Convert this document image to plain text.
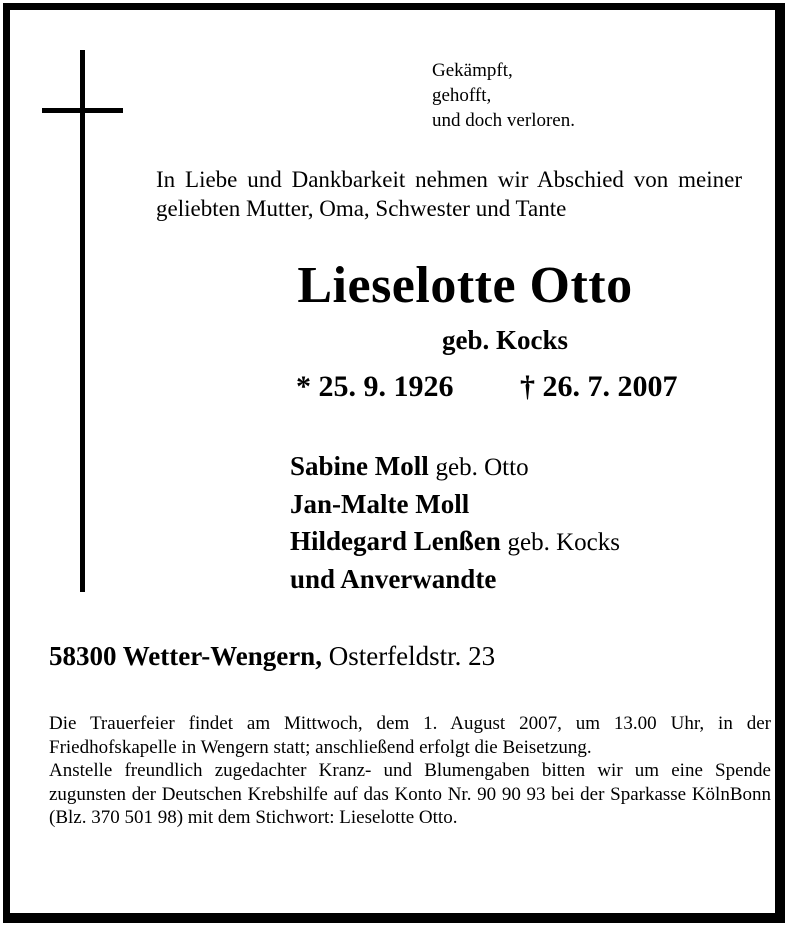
Gekämpft,
gehofft,
und doch verloren.
In Liebe und Dankbarkeit nehmen wir Abschied von meiner geliebten Mutter, Oma, Schwester und Tante
Lieselotte Otto
geb. Kocks
* 25. 9. 1926 † 26. 7. 2007
Sabine Moll geb. Otto
Jan-Malte Moll
Hildegard Lenßen geb. Kocks
und Anverwandte
58300 Wetter-Wengern, Osterfeldstr. 23

Die Trauerfeier findet am Mittwoch, dem 1. August 2007, um 13.00 Uhr, in der Friedhofskapelle in Wengern statt; anschließend erfolgt die Beisetzung.

Anstelle freundlich zugedachter Kranz- und Blumengaben bitten wir um eine Spende zugunsten der Deutschen Krebshilfe auf das Konto Nr. 90 90 93 bei der Sparkasse KölnBonn (Blz. 370 501 98) mit dem Stichwort: Lieselotte Otto.
